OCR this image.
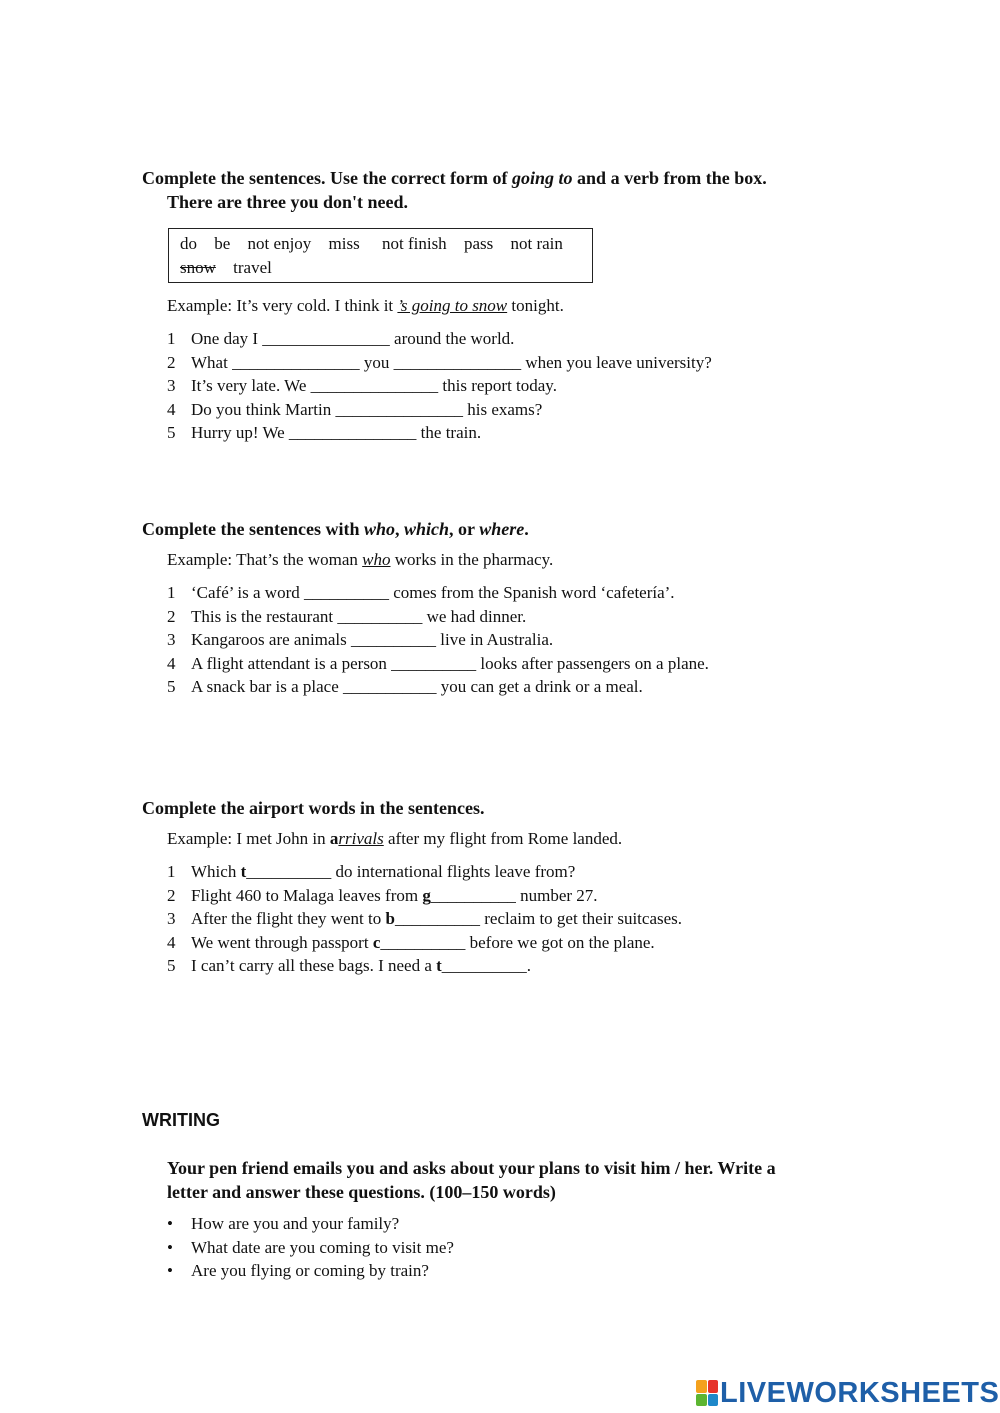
Complete the sentences. Use the correct form of going to and a verb from the box.
There are three you don't need.
do be not enjoy miss not finish pass not rain
snow travel
Example: It’s very cold. I think it ’s going to snow tonight.
1 One day I _______________ around the world.
2 What _______________ you _______________ when you leave university?
3 It’s very late. We _______________ this report today.
4 Do you think Martin _______________ his exams?
5 Hurry up! We _______________ the train.
Complete the sentences with who, which, or where.
Example: That’s the woman who works in the pharmacy.
1 ‘Café’ is a word __________ comes from the Spanish word ‘cafetería’.
2 This is the restaurant __________ we had dinner.
3 Kangaroos are animals __________ live in Australia.
4 A flight attendant is a person __________ looks after passengers on a plane.
5 A snack bar is a place ___________ you can get a drink or a meal.
Complete the airport words in the sentences.
Example: I met John in arrivals after my flight from Rome landed.
1 Which t__________ do international flights leave from?
2 Flight 460 to Malaga leaves from g__________ number 27.
3 After the flight they went to b__________ reclaim to get their suitcases.
4 We went through passport c__________ before we got on the plane.
5 I can’t carry all these bags. I need a t__________.
WRITING
Your pen friend emails you and asks about your plans to visit him / her. Write a
letter and answer these questions. (100–150 words)
• How are you and your family?
• What date are you coming to visit me?
• Are you flying or coming by train?
LIVEWORKSHEETS
